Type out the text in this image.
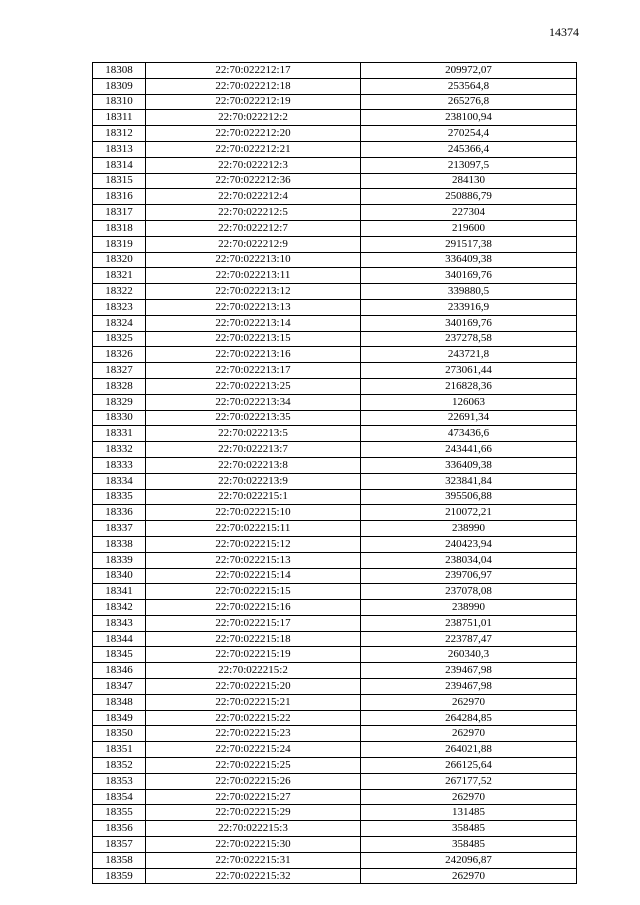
14374
18308	22:70:022212:17	209972,07
18309	22:70:022212:18	253564,8
18310	22:70:022212:19	265276,8
18311	22:70:022212:2	238100,94
18312	22:70:022212:20	270254,4
18313	22:70:022212:21	245366,4
18314	22:70:022212:3	213097,5
18315	22:70:022212:36	284130
18316	22:70:022212:4	250886,79
18317	22:70:022212:5	227304
18318	22:70:022212:7	219600
18319	22:70:022212:9	291517,38
18320	22:70:022213:10	336409,38
18321	22:70:022213:11	340169,76
18322	22:70:022213:12	339880,5
18323	22:70:022213:13	233916,9
18324	22:70:022213:14	340169,76
18325	22:70:022213:15	237278,58
18326	22:70:022213:16	243721,8
18327	22:70:022213:17	273061,44
18328	22:70:022213:25	216828,36
18329	22:70:022213:34	126063
18330	22:70:022213:35	22691,34
18331	22:70:022213:5	473436,6
18332	22:70:022213:7	243441,66
18333	22:70:022213:8	336409,38
18334	22:70:022213:9	323841,84
18335	22:70:022215:1	395506,88
18336	22:70:022215:10	210072,21
18337	22:70:022215:11	238990
18338	22:70:022215:12	240423,94
18339	22:70:022215:13	238034,04
18340	22:70:022215:14	239706,97
18341	22:70:022215:15	237078,08
18342	22:70:022215:16	238990
18343	22:70:022215:17	238751,01
18344	22:70:022215:18	223787,47
18345	22:70:022215:19	260340,3
18346	22:70:022215:2	239467,98
18347	22:70:022215:20	239467,98
18348	22:70:022215:21	262970
18349	22:70:022215:22	264284,85
18350	22:70:022215:23	262970
18351	22:70:022215:24	264021,88
18352	22:70:022215:25	266125,64
18353	22:70:022215:26	267177,52
18354	22:70:022215:27	262970
18355	22:70:022215:29	131485
18356	22:70:022215:3	358485
18357	22:70:022215:30	358485
18358	22:70:022215:31	242096,87
18359	22:70:022215:32	262970
